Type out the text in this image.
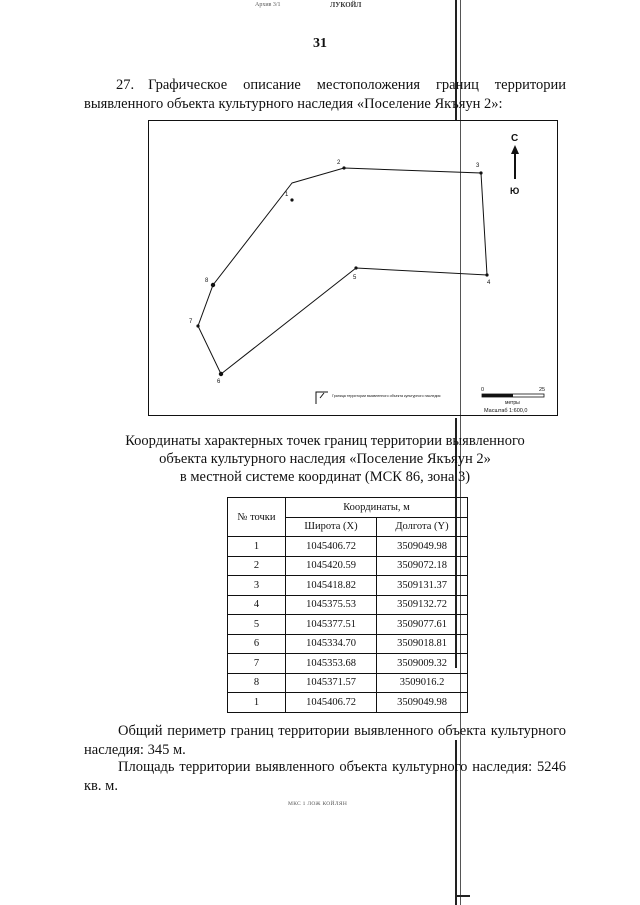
Архив 3/1	ЛУКОЙЛ
31
27. Графическое описание местоположения границ территории выявленного объекта культурного наследия «Поселение Якъяун 2»:
1
2	3
4
5
6
7
8
С
Ю
Граница территории выявленного объекта культурного наследия
0	25
метры
Масштаб 1:600,0
Координаты характерных точек границ территории выявленного
объекта культурного наследия «Поселение Якъяун 2»
в местной системе координат (МСК 86, зона 3)
№ точки	Координаты, м	
	Широта (X)	Долгота (Y)
1	1045406.72	3509049.98
2	1045420.59	3509072.18
3	1045418.82	3509131.37
4	1045375.53	3509132.72
5	1045377.51	3509077.61
6	1045334.70	3509018.81
7	1045353.68	3509009.32
8	1045371.57	3509016.2
1	1045406.72	3509049.98
Общий периметр границ территории выявленного объекта культурного наследия: 345 м.
Площадь территории выявленного объекта культурного наследия: 5246 кв. м.
МКС 1 ЛОЖ КОЙЛЯН
